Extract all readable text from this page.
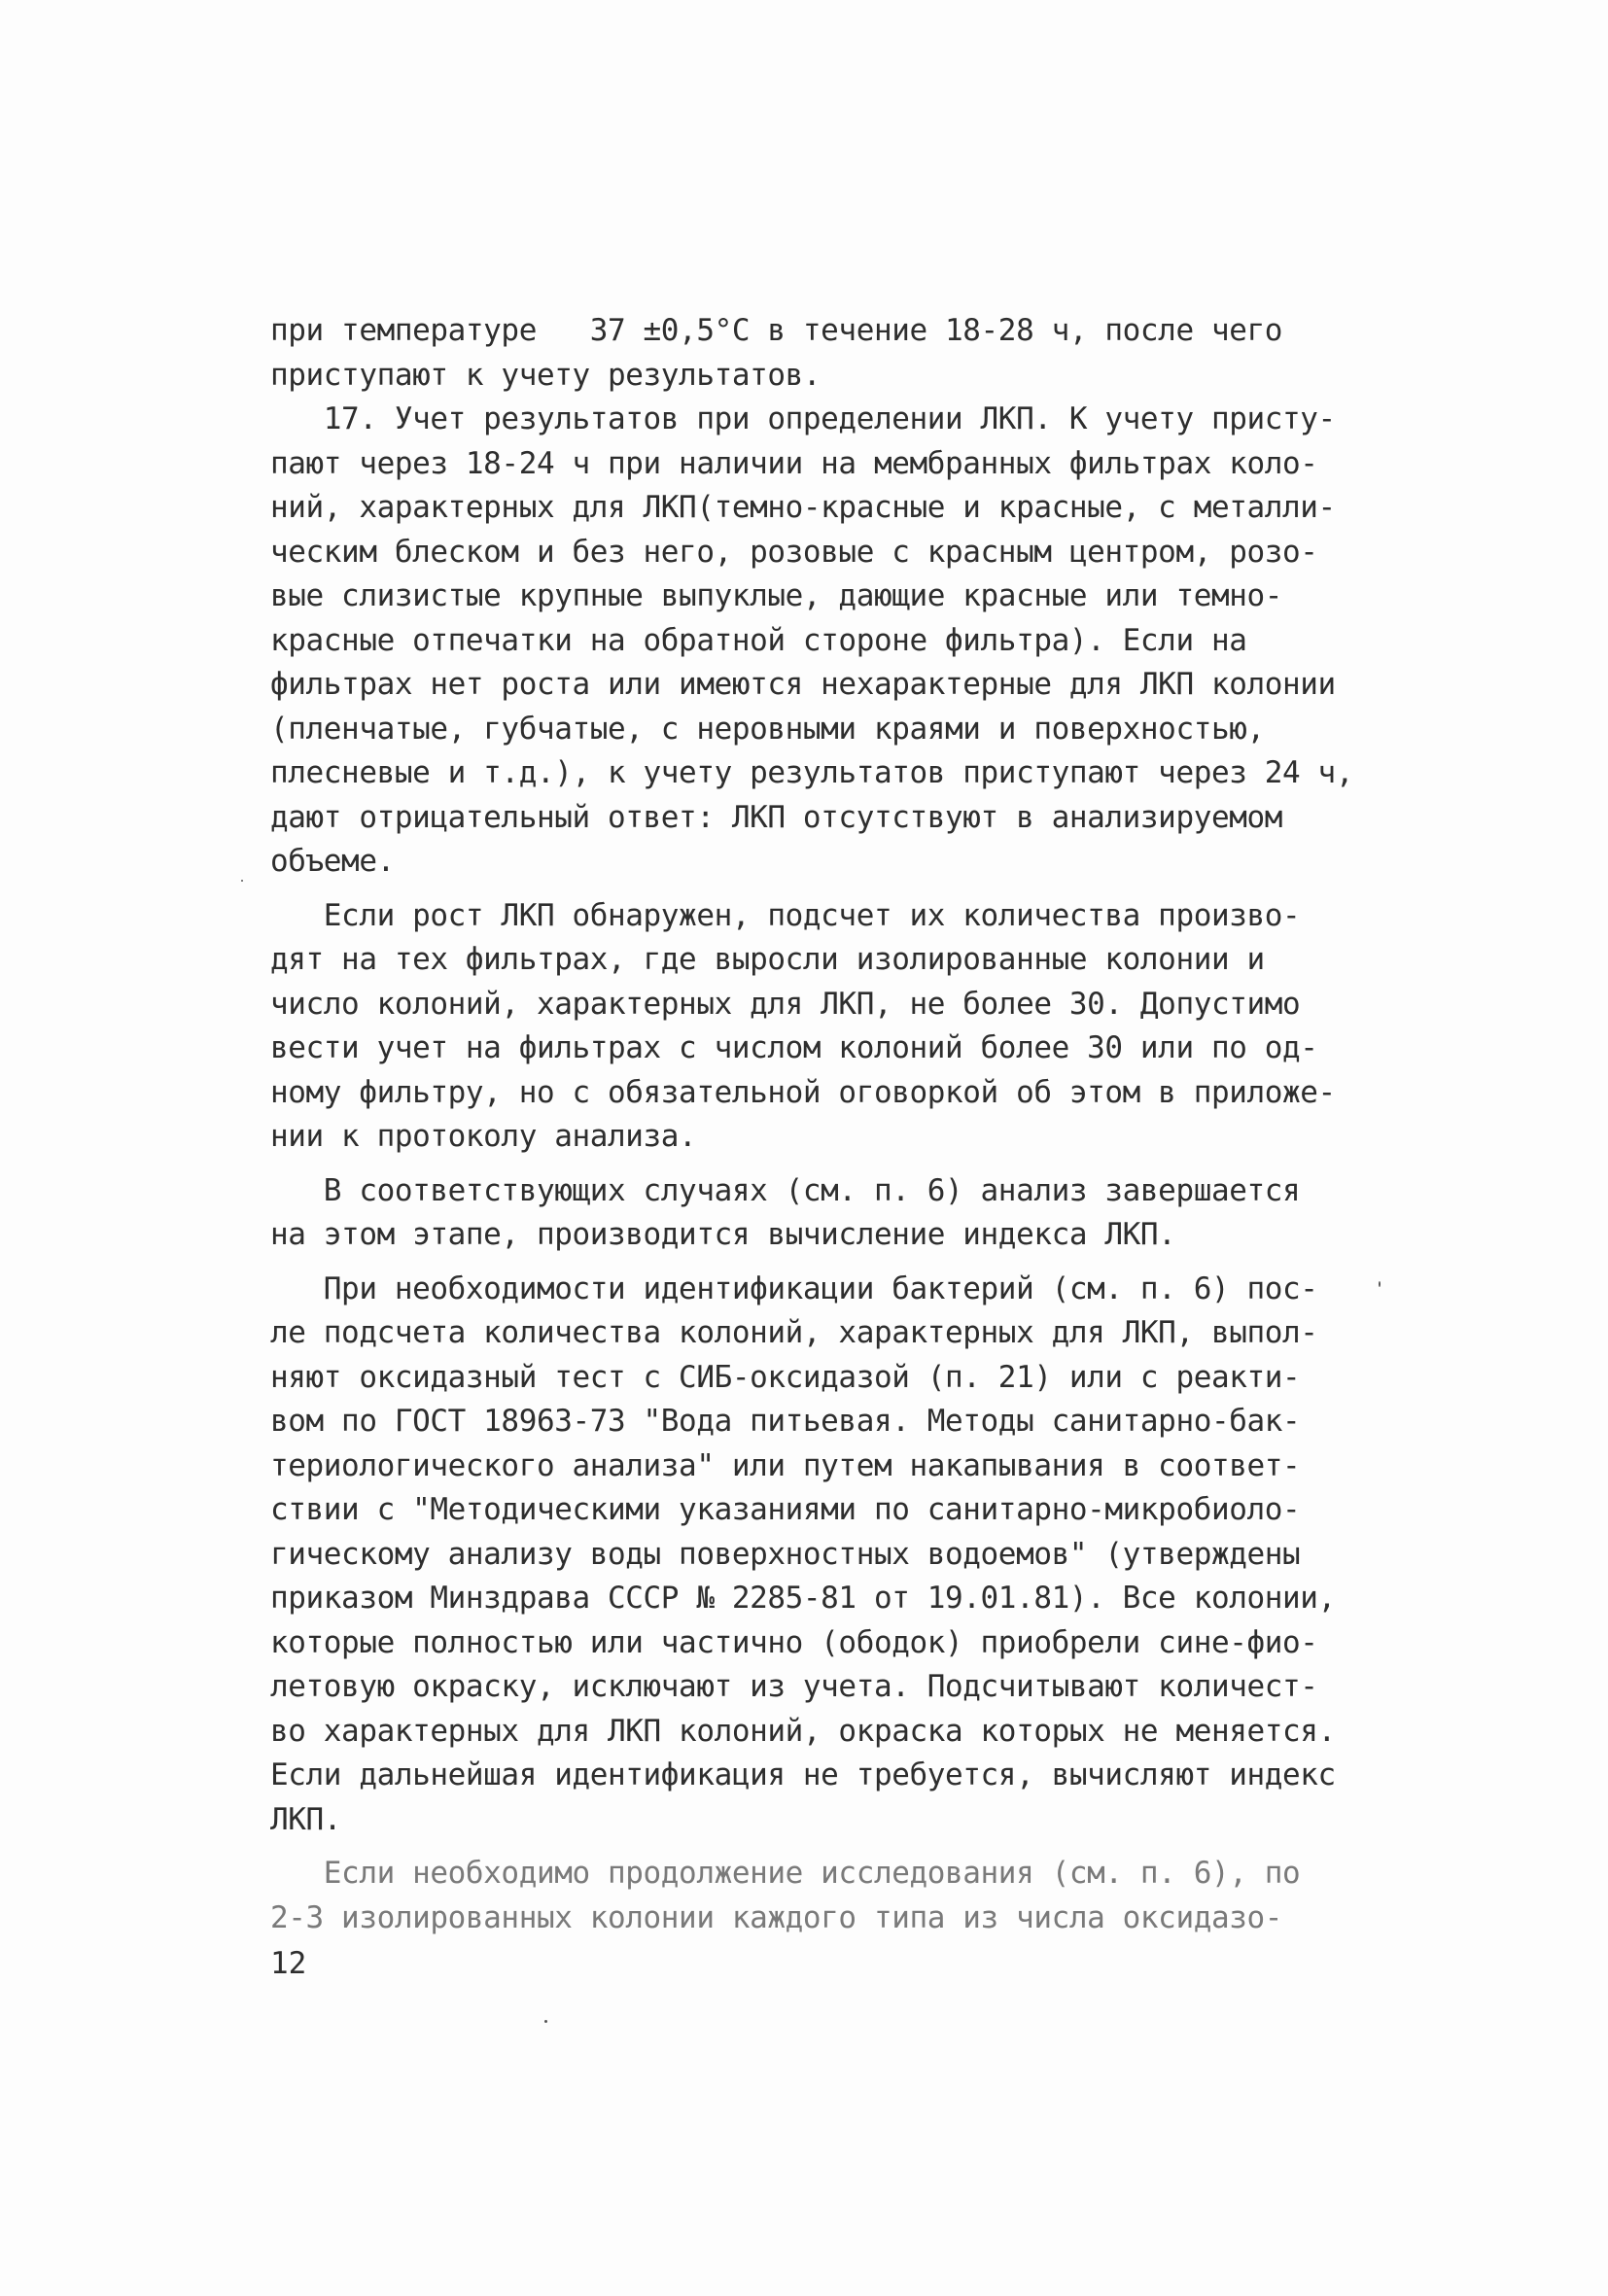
при температуре   37 ±0,5°С в течение 18-28 ч, после чего
приступают к учету результатов.
17. Учет результатов при определении ЛКП. К учету присту-
пают через 18-24 ч при наличии на мембранных фильтрах коло-
ний, характерных для ЛКП(темно-красные и красные, с металли-
ческим блеском и без него, розовые с красным центром, розо-
вые слизистые крупные выпуклые, дающие красные или темно-
красные отпечатки на обратной стороне фильтра). Если на
фильтрах нет роста или имеются нехарактерные для ЛКП колонии
(пленчатые, губчатые, с неровными краями и поверхностью,
плесневые и т.д.), к учету результатов приступают через 24 ч,
дают отрицательный ответ: ЛКП отсутствуют в анализируемом
объеме.
Если рост ЛКП обнаружен, подсчет их количества произво-
дят на тех фильтрах, где выросли изолированные колонии и
число колоний, характерных для ЛКП, не более 30. Допустимо
вести учет на фильтрах с числом колоний более 30 или по од-
ному фильтру, но с обязательной оговоркой об этом в приложе-
нии к протоколу анализа.
В соответствующих случаях (см. п. 6) анализ завершается
на этом этапе, производится вычисление индекса ЛКП.
При необходимости идентификации бактерий (см. п. 6) пос-
ле подсчета количества колоний, характерных для ЛКП, выпол-
няют оксидазный тест с СИБ-оксидазой (п. 21) или с реакти-
вом по ГОСТ 18963-73 "Вода питьевая. Методы санитарно-бак-
териологического анализа" или путем накапывания в соответ-
ствии с "Методическими указаниями по санитарно-микробиоло-
гическому анализу воды поверхностных водоемов" (утверждены
приказом Минздрава СССР № 2285-81 от 19.01.81). Все колонии,
которые полностью или частично (ободок) приобрели сине-фио-
летовую окраску, исключают из учета. Подсчитывают количест-
во характерных для ЛКП колоний, окраска которых не меняется.
Если дальнейшая идентификация не требуется, вычисляют индекс
ЛКП.
Если необходимо продолжение исследования (см. п. 6), по
2-3 изолированных колонии каждого типа из числа оксидазо-
12
